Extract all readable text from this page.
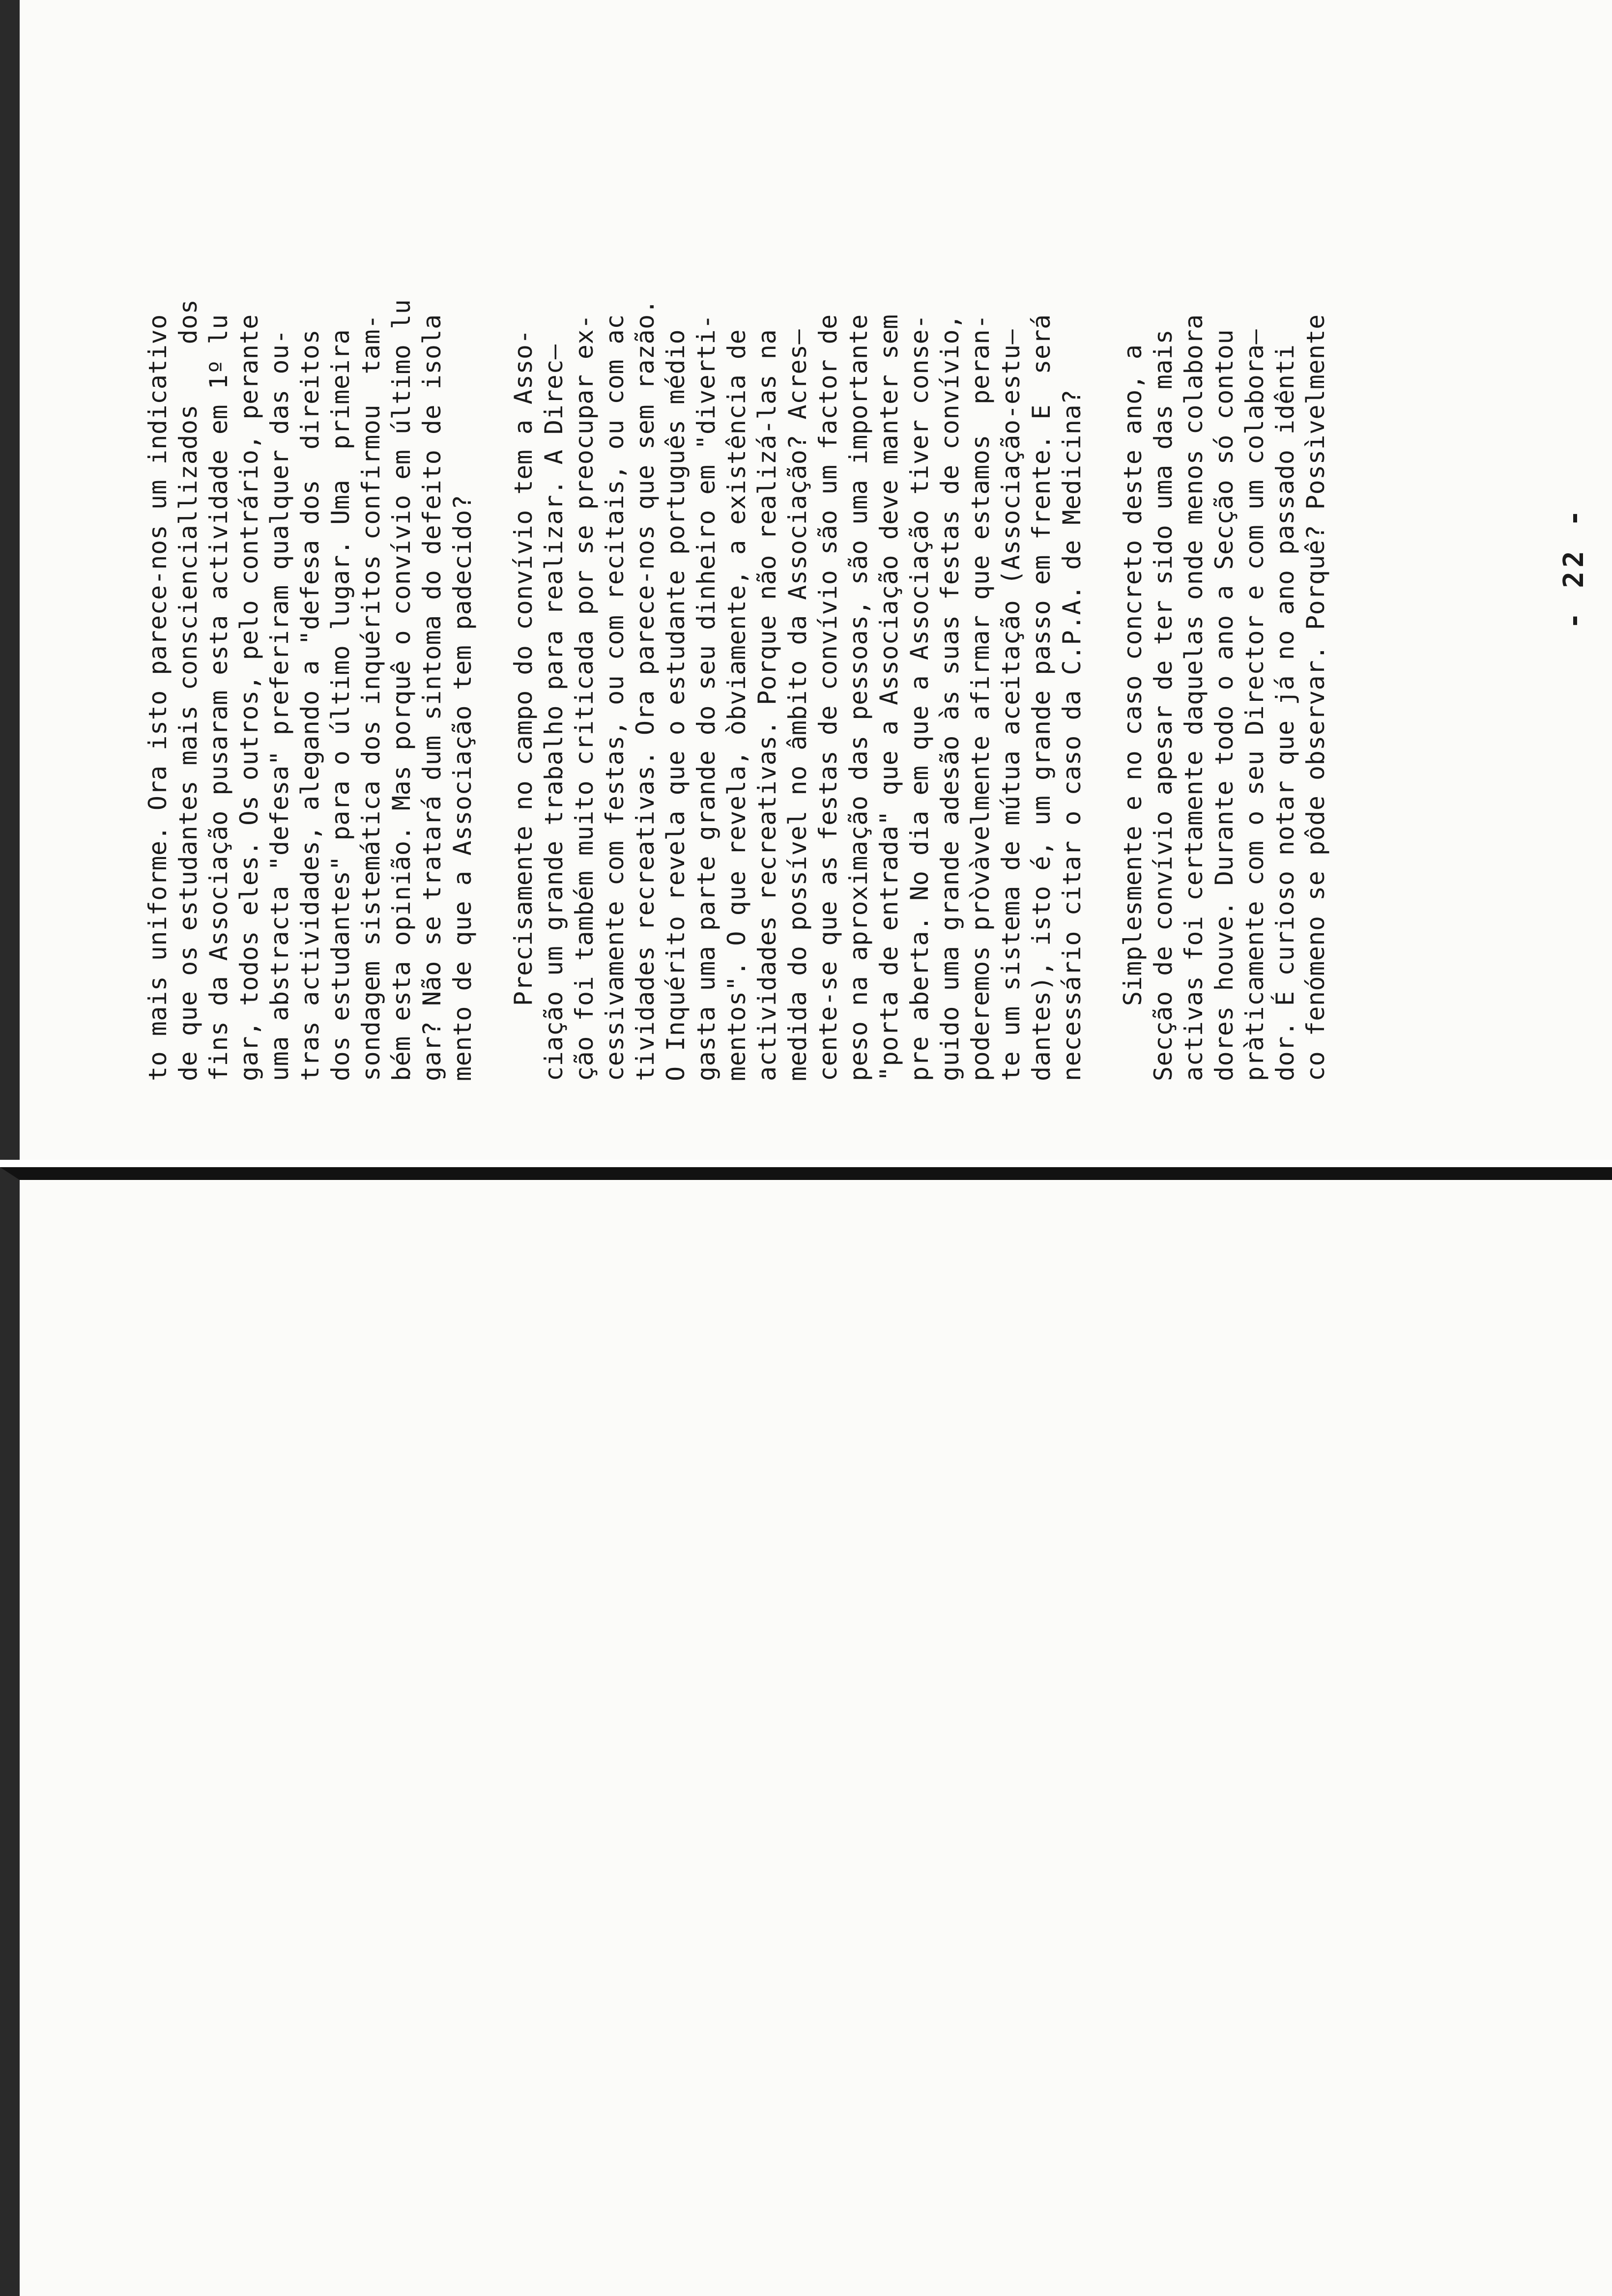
- 22 -

to mais uniforme. Ora isto parece-nos um indicativo
de que os estudantes mais conscienciallizados    dos
fins da Associação pusaram esta actividade em 1º lu
gar, todos eles. Os outros, pelo contrário, perante
uma abstracta "defesa" preferiram qualquer das ou-
tras actividades, alegando a "defesa dos  direitos
dos estudantes" para o último lugar. Uma  primeira
sondagem sistemática dos inquéritos confirmou  tam-
bém esta opinião. Mas porquê o convívio em último lu
gar? Não se tratará dum sintoma do defeito de isola
mento de que a Associação tem padecido?

Precisamente no campo do convívio tem a Asso-
ciação um grande trabalho para realizar. A Direc—
ção foi também muito criticada por se preocupar ex-
cessivamente com festas, ou com recitais, ou com ac
tividades recreativas. Ora parece-nos que sem razão.
O Inquérito revela que o estudante português médio
gasta uma parte grande do seu dinheiro em "diverti-
mentos". O que revela, òbviamente, a existência de
actividades recreativas. Porque não realizá-las na
medida do possível no âmbito da Associação? Acres—
cente-se que as festas de convívio são um factor de
peso na aproximação das pessoas, são uma importante
"porta de entrada" que a Associação deve manter sem
pre aberta. No dia em que a Associação tiver conse-
guido uma grande adesão às suas festas de convívio,
poderemos pròvàvelmente afirmar que estamos  peran-
te um sistema de mútua aceitação (Associação-estu—
dantes), isto é, um grande passo em frente. E  será
necessário citar o caso da C.P.A. de Medicina?

Simplesmente e no caso concreto deste ano, a
Secção de convívio apesar de ter sido uma das mais
activas foi certamente daquelas onde menos colabora
dores houve. Durante todo o ano a Secção só contou
pràticamente com o seu Director e com um colabora—
dor. É curioso notar que já no ano passado idênti
co fenómeno se pôde observar. Porquê? Possìvelmente
